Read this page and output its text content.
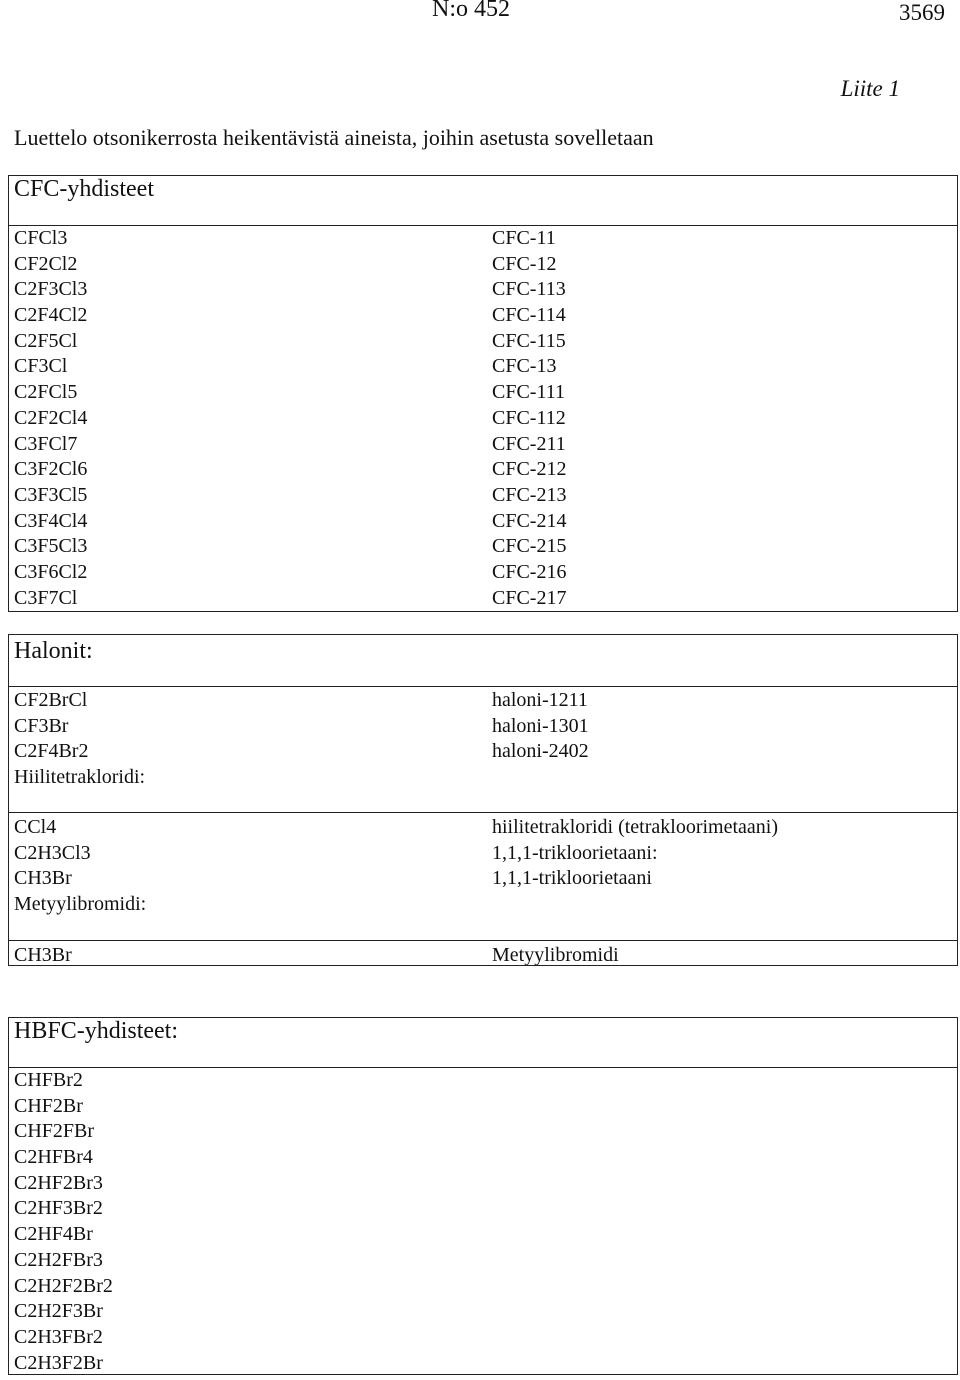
N:o 452	3569
Liite 1
Luettelo otsonikerrosta heikentävistä aineista, joihin asetusta sovelletaan
CFC-yhdisteet
CFCl3	CFC-11
CF2Cl2	CFC-12
C2F3Cl3	CFC-113
C2F4Cl2	CFC-114
C2F5Cl	CFC-115
CF3Cl	CFC-13
C2FCl5	CFC-111
C2F2Cl4	CFC-112
C3FCl7	CFC-211
C3F2Cl6	CFC-212
C3F3Cl5	CFC-213
C3F4Cl4	CFC-214
C3F5Cl3	CFC-215
C3F6Cl2	CFC-216
C3F7Cl	CFC-217
Halonit:
CF2BrCl	haloni-1211
CF3Br	haloni-1301
C2F4Br2	haloni-2402
Hiilitetrakloridi:
CCl4	hiilitetrakloridi (tetrakloorimetaani)
C2H3Cl3	1,1,1-trikloorietaani:
CH3Br	1,1,1-trikloorietaani
Metyylibromidi:
CH3Br	Metyylibromidi
HBFC-yhdisteet:
CHFBr2
CHF2Br
CHF2FBr
C2HFBr4
C2HF2Br3
C2HF3Br2
C2HF4Br
C2H2FBr3
C2H2F2Br2
C2H2F3Br
C2H3FBr2
C2H3F2Br
